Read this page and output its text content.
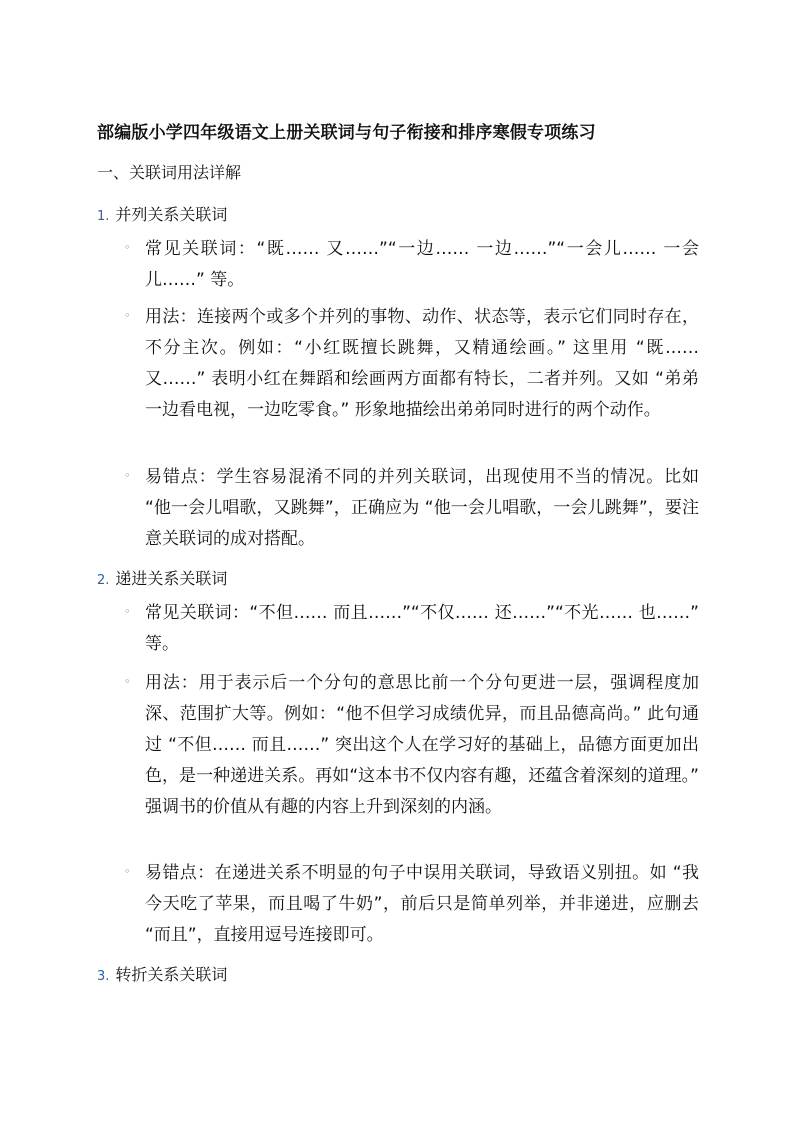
部编版小学四年级语文上册关联词与句子衔接和排序寒假专项练习
一、关联词用法详解
1. 并列关系关联词
◦ 常见关联词：“既…… 又……”“一边…… 一边……”“一会儿…… 一会儿……” 等。
◦ 用法：连接两个或多个并列的事物、动作、状态等，表示它们同时存在，不分主次。例如：“小红既擅长跳舞，又精通绘画。” 这里用 “既…… 又……” 表明小红在舞蹈和绘画两方面都有特长，二者并列。又如 “弟弟一边看电视，一边吃零食。” 形象地描绘出弟弟同时进行的两个动作。
◦ 易错点：学生容易混淆不同的并列关联词，出现使用不当的情况。比如 “他一会儿唱歌，又跳舞”，正确应为 “他一会儿唱歌，一会儿跳舞”，要注意关联词的成对搭配。
2. 递进关系关联词
◦ 常见关联词：“不但…… 而且……”“不仅…… 还……”“不光…… 也……” 等。
◦ 用法：用于表示后一个分句的意思比前一个分句更进一层，强调程度加深、范围扩大等。例如：“他不但学习成绩优异，而且品德高尚。” 此句通过 “不但…… 而且……” 突出这个人在学习好的基础上，品德方面更加出色，是一种递进关系。再如“这本书不仅内容有趣，还蕴含着深刻的道理。” 强调书的价值从有趣的内容上升到深刻的内涵。
◦ 易错点：在递进关系不明显的句子中误用关联词，导致语义别扭。如 “我今天吃了苹果，而且喝了牛奶”，前后只是简单列举，并非递进，应删去 “而且”，直接用逗号连接即可。
3. 转折关系关联词
